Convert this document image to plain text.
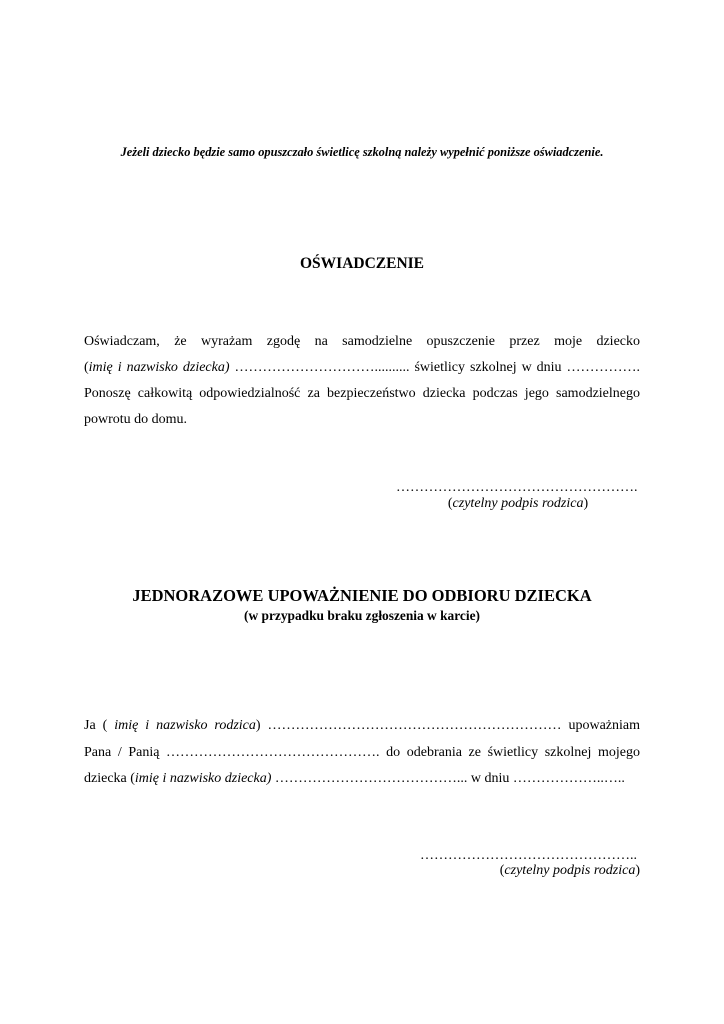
Jeżeli dziecko będzie samo opuszczało świetlicę szkolną należy wypełnić poniższe oświadczenie.
OŚWIADCZENIE
Oświadczam, że wyrażam zgodę na samodzielne opuszczenie przez moje dziecko
(imię i nazwisko dziecka) ………………………….......... świetlicy szkolnej w dniu …………….
Ponoszę całkowitą odpowiedzialność za bezpieczeństwo dziecka podczas jego samodzielnego
powrotu do domu.
…………………………………………….
(czytelny podpis rodzica)
JEDNORAZOWE UPOWAŻNIENIE DO ODBIORU DZIECKA
(w przypadku braku zgłoszenia w karcie)
Ja ( imię i nazwisko rodzica) ……………………………………………………… upoważniam
Pana / Panią ………………………………………. do odebrania ze świetlicy szkolnej mojego
dziecka (imię i nazwisko dziecka) …………………………………... w dniu ………………..…..
………………………………………..
(czytelny podpis rodzica)
